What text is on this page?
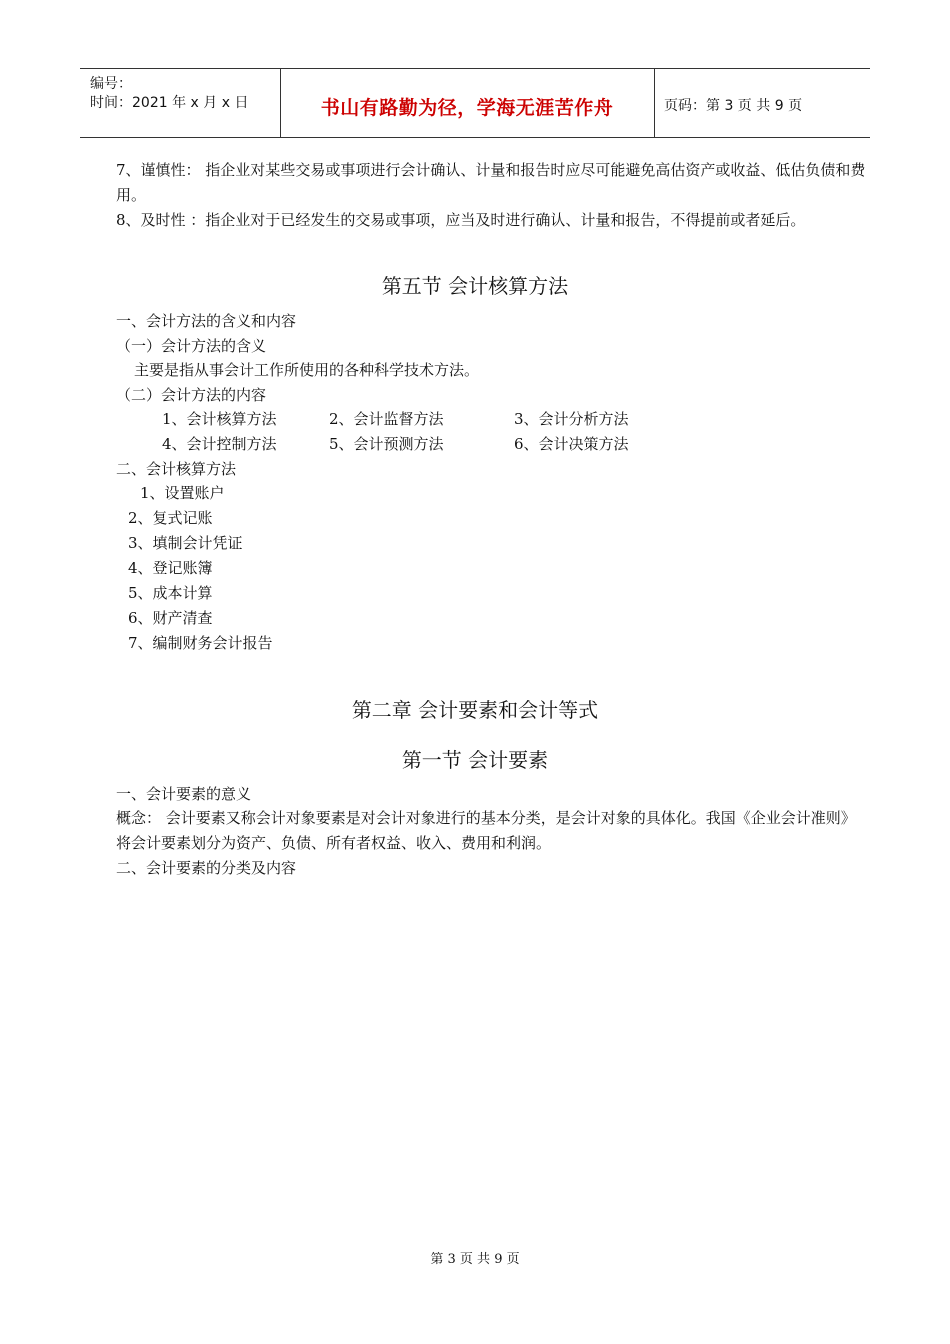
编号：
时间：2021 年 x 月 x 日	书山有路勤为径，学海无涯苦作舟	页码：第 3 页 共 9 页
7、谨慎性： 指企业对某些交易或事项进行会计确认、计量和报告时应尽可能避免高估资产或收益、低估负债和费用。
8、及时性 ：指企业对于已经发生的交易或事项，应当及时进行确认、计量和报告，不得提前或者延后。
第五节 会计核算方法
一、会计方法的含义和内容
（一）会计方法的含义
主要是指从事会计工作所使用的各种科学技术方法。
（二）会计方法的内容
1、会计核算方法	2、会计监督方法	3、会计分析方法
4、会计控制方法	5、会计预测方法	6、会计决策方法
二、会计核算方法
1、设置账户
2、复式记账
3、填制会计凭证
4、登记账簿
5、成本计算
6、财产清查
7、编制财务会计报告
第二章 会计要素和会计等式
第一节 会计要素
一、会计要素的意义
概念： 会计要素又称会计对象要素是对会计对象进行的基本分类，是会计对象的具体化。我国《企业会计准则》将会计要素划分为资产、负债、所有者权益、收入、费用和利润。
二、会计要素的分类及内容
第 3 页 共 9 页
